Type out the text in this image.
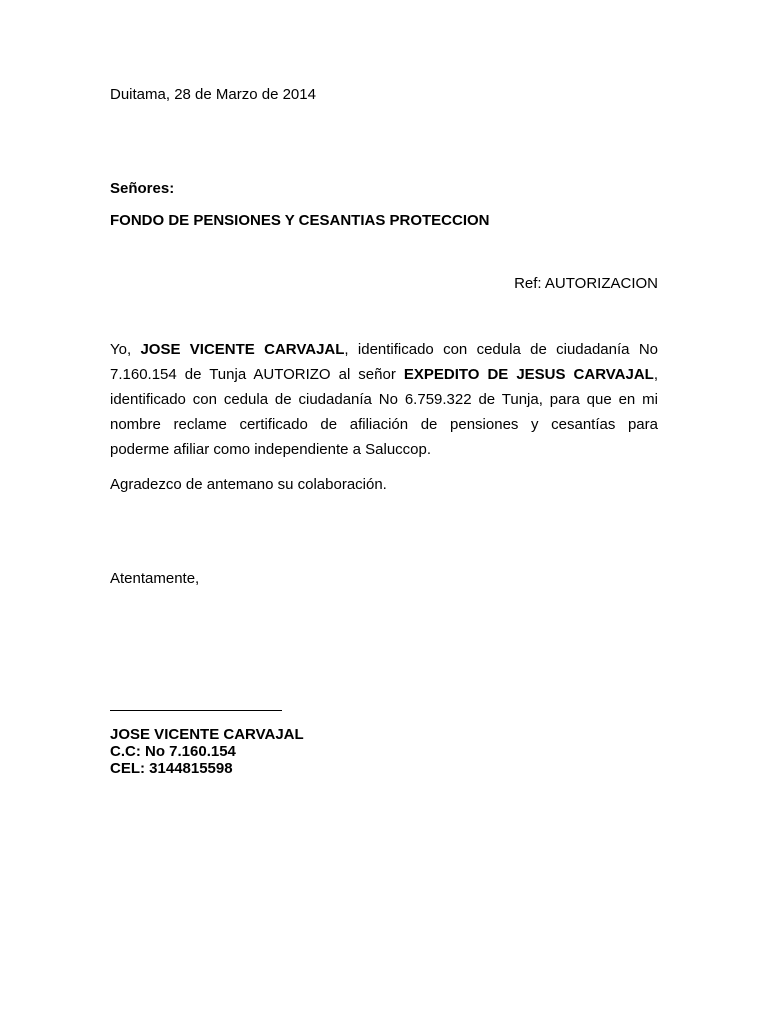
Duitama, 28 de Marzo de 2014
Señores:
FONDO DE PENSIONES Y CESANTIAS PROTECCION
Ref: AUTORIZACION
Yo, JOSE VICENTE CARVAJAL, identificado con cedula de ciudadanía No
7.160.154 de Tunja AUTORIZO al señor EXPEDITO DE JESUS CARVAJAL,
identificado con cedula de ciudadanía No 6.759.322 de Tunja, para que en mi
nombre reclame certificado de afiliación de pensiones y cesantías para
poderme afiliar como independiente a Saluccop.
Agradezco de antemano su colaboración.
Atentamente,
JOSE VICENTE CARVAJAL
C.C: No 7.160.154
CEL: 3144815598
